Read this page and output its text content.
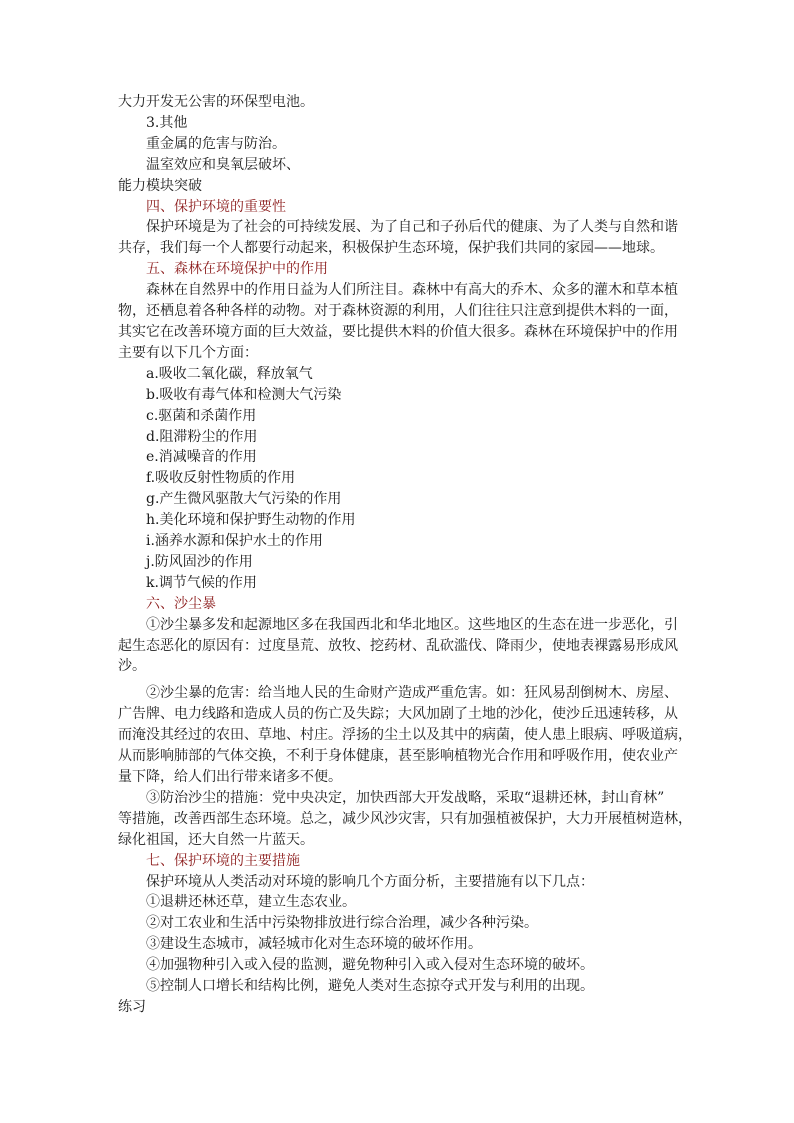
大力开发无公害的环保型电池。
3.其他
重金属的危害与防治。
温室效应和臭氧层破坏、
能力模块突破
四、保护环境的重要性
保护环境是为了社会的可持续发展、为了自己和子孙后代的健康、为了人类与自然和谐
共存，我们每一个人都要行动起来，积极保护生态环境，保护我们共同的家园——地球。
五、森林在环境保护中的作用
森林在自然界中的作用日益为人们所注目。森林中有高大的乔木、众多的灌木和草本植
物，还栖息着各种各样的动物。对于森林资源的利用，人们往往只注意到提供木料的一面，
其实它在改善环境方面的巨大效益，要比提供木料的价值大很多。森林在环境保护中的作用
主要有以下几个方面：
a.吸收二氧化碳，释放氧气
b.吸收有毒气体和检测大气污染
c.驱菌和杀菌作用
d.阻滞粉尘的作用
e.消减噪音的作用
f.吸收反射性物质的作用
g.产生微风驱散大气污染的作用
h.美化环境和保护野生动物的作用
i.涵养水源和保护水土的作用
j.防风固沙的作用
k.调节气候的作用
六、沙尘暴
①沙尘暴多发和起源地区多在我国西北和华北地区。这些地区的生态在进一步恶化，引
起生态恶化的原因有：过度垦荒、放牧、挖药材、乱砍滥伐、降雨少，使地表裸露易形成风
沙。
②沙尘暴的危害：给当地人民的生命财产造成严重危害。如：狂风易刮倒树木、房屋、
广告牌、电力线路和造成人员的伤亡及失踪；大风加剧了土地的沙化，使沙丘迅速转移，从
而淹没其经过的农田、草地、村庄。浮扬的尘土以及其中的病菌，使人患上眼病、呼吸道病，
从而影响肺部的气体交换，不利于身体健康，甚至影响植物光合作用和呼吸作用，使农业产
量下降，给人们出行带来诸多不便。
③防治沙尘的措施：党中央决定，加快西部大开发战略，采取“退耕还林，封山育林”
等措施，改善西部生态环境。总之，减少风沙灾害，只有加强植被保护，大力开展植树造林，
绿化祖国，还大自然一片蓝天。
七、保护环境的主要措施
保护环境从人类活动对环境的影响几个方面分析，主要措施有以下几点：
①退耕还林还草，建立生态农业。
②对工农业和生活中污染物排放进行综合治理，减少各种污染。
③建设生态城市，减轻城市化对生态环境的破坏作用。
④加强物种引入或入侵的监测，避免物种引入或入侵对生态环境的破坏。
⑤控制人口增长和结构比例，避免人类对生态掠夺式开发与利用的出现。
练习
